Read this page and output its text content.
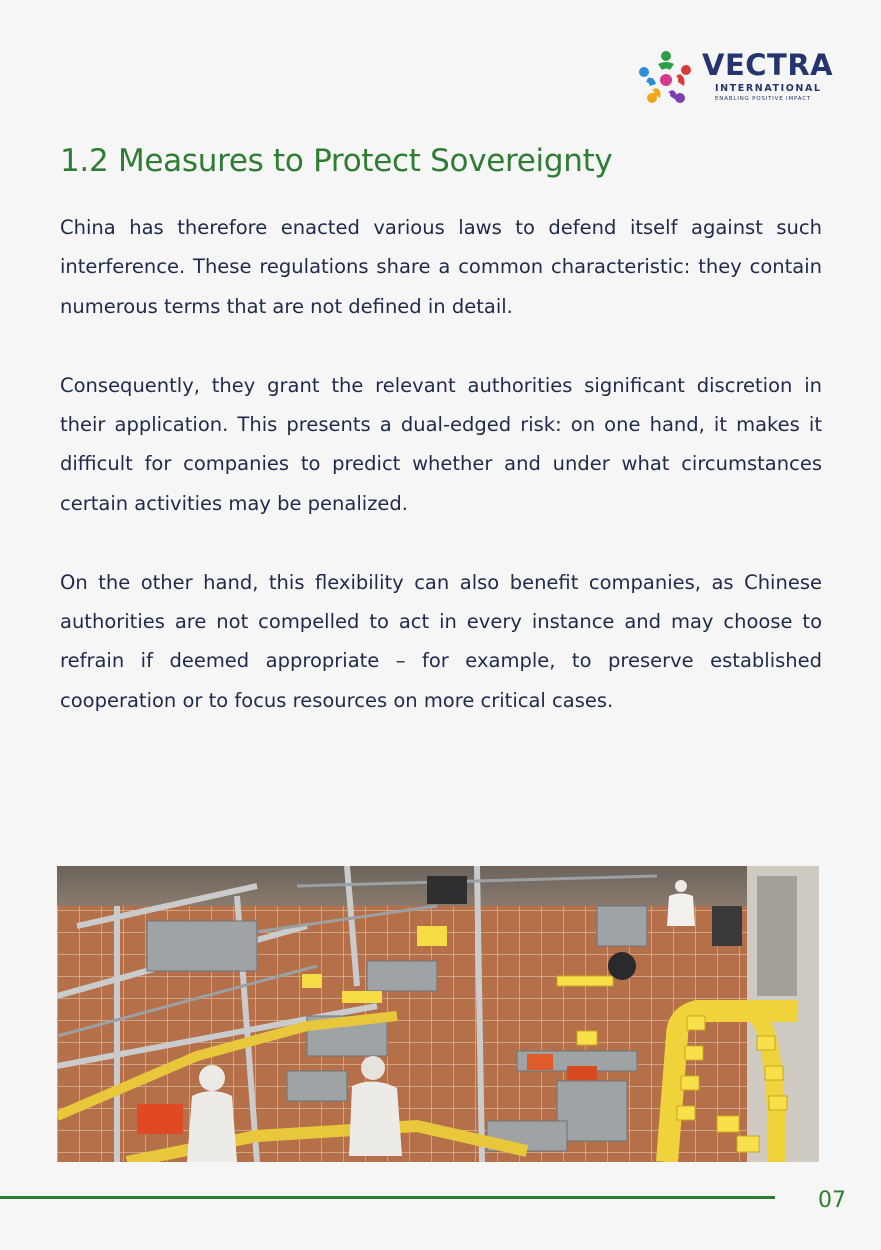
VECTRA
INTERNATIONAL
ENABLING POSITIVE IMPACT
1.2 Measures to Protect Sovereignty

China has therefore enacted various laws to defend itself against such interference. These regulations share a common characteristic: they contain numerous terms that are not defined in detail.

Consequently, they grant the relevant authorities significant discretion in their application. This presents a dual-edged risk: on one hand, it makes it difficult for companies to predict whether and under what circumstances certain activities may be penalized.

On the other hand, this flexibility can also benefit companies, as Chinese authorities are not compelled to act in every instance and may choose to refrain if deemed appropriate – for example, to preserve established cooperation or to focus resources on more critical cases.

07
